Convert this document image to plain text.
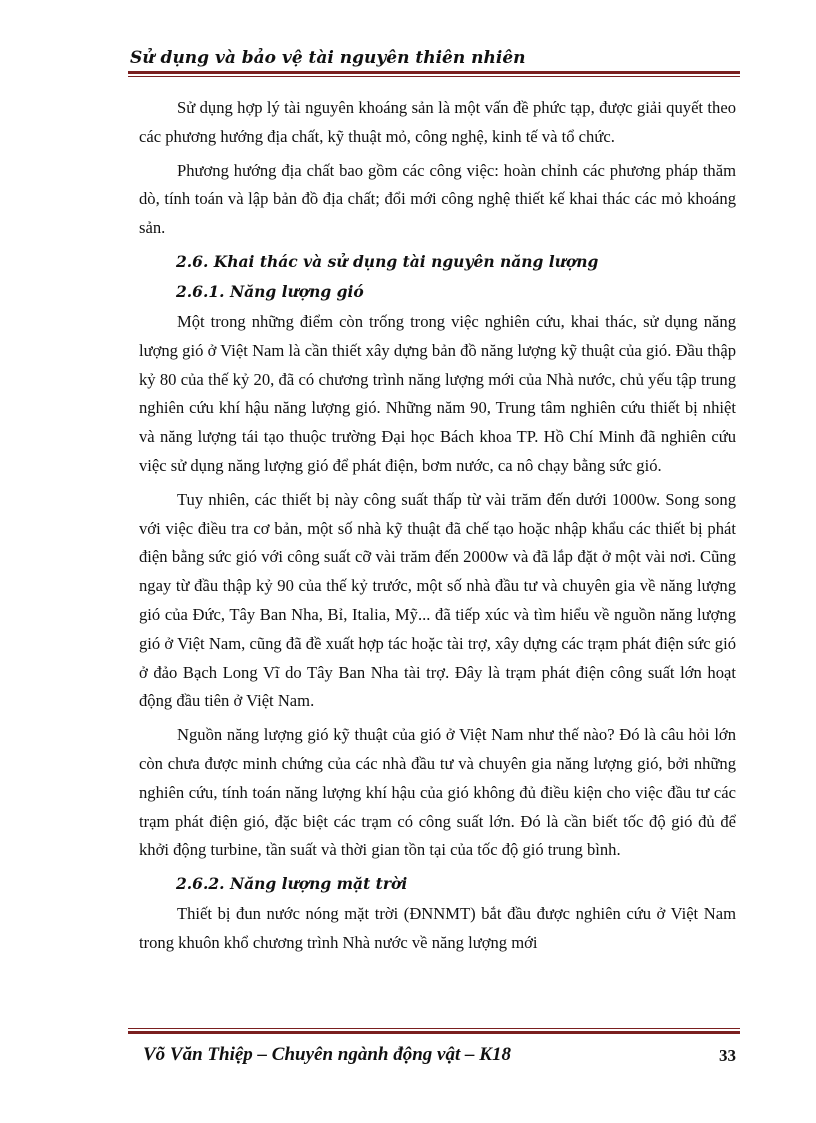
Sử dụng và bảo vệ tài nguyên thiên nhiên

Sử dụng hợp lý tài nguyên khoáng sản là một vấn đề phức tạp, được giải quyết theo các phương hướng địa chất, kỹ thuật mỏ, công nghệ, kinh tế và tổ chức.

Phương hướng địa chất bao gồm các công việc: hoàn chỉnh các phương pháp thăm dò, tính toán và lập bản đồ địa chất; đổi mới công nghệ thiết kế khai thác các mỏ khoáng sản.

2.6. Khai thác và sử dụng tài nguyên năng lượng
2.6.1. Năng lượng gió

Một trong những điểm còn trống trong việc nghiên cứu, khai thác, sử dụng năng lượng gió ở Việt Nam là cần thiết xây dựng bản đồ năng lượng kỹ thuật của gió. Đầu thập kỷ 80 của thế kỷ 20, đã có chương trình năng lượng mới của Nhà nước, chủ yếu tập trung nghiên cứu khí hậu năng lượng gió. Những năm 90, Trung tâm nghiên cứu thiết bị nhiệt và năng lượng tái tạo thuộc trường Đại học Bách khoa TP. Hồ Chí Minh đã nghiên cứu việc sử dụng năng lượng gió để phát điện, bơm nước, ca nô chạy bằng sức gió.

Tuy nhiên, các thiết bị này công suất thấp từ vài trăm đến dưới 1000w. Song song với việc điều tra cơ bản, một số nhà kỹ thuật đã chế tạo hoặc nhập khẩu các thiết bị phát điện bằng sức gió với công suất cỡ vài trăm đến 2000w và đã lắp đặt ở một vài nơi. Cũng ngay từ đầu thập kỷ 90 của thế kỷ trước, một số nhà đầu tư và chuyên gia về năng lượng gió của Đức, Tây Ban Nha, Bỉ, Italia, Mỹ... đã tiếp xúc và tìm hiểu về nguồn năng lượng gió ở Việt Nam, cũng đã đề xuất hợp tác hoặc tài trợ, xây dựng các trạm phát điện sức gió ở đảo Bạch Long Vĩ do Tây Ban Nha tài trợ. Đây là trạm phát điện công suất lớn hoạt động đầu tiên ở Việt Nam.

Nguồn năng lượng gió kỹ thuật của gió ở Việt Nam như thế nào? Đó là câu hỏi lớn còn chưa được minh chứng của các nhà đầu tư và chuyên gia năng lượng gió, bởi những nghiên cứu, tính toán năng lượng khí hậu của gió không đủ điều kiện cho việc đầu tư các trạm phát điện gió, đặc biệt các trạm có công suất lớn. Đó là cần biết tốc độ gió đủ để khởi động turbine, tần suất và thời gian tồn tại của tốc độ gió trung bình.

2.6.2. Năng lượng mặt trời

Thiết bị đun nước nóng mặt trời (ĐNNMT) bắt đầu được nghiên cứu ở Việt Nam trong khuôn khổ chương trình Nhà nước về năng lượng mới

Võ Văn Thiệp – Chuyên ngành động vật – K18	33
